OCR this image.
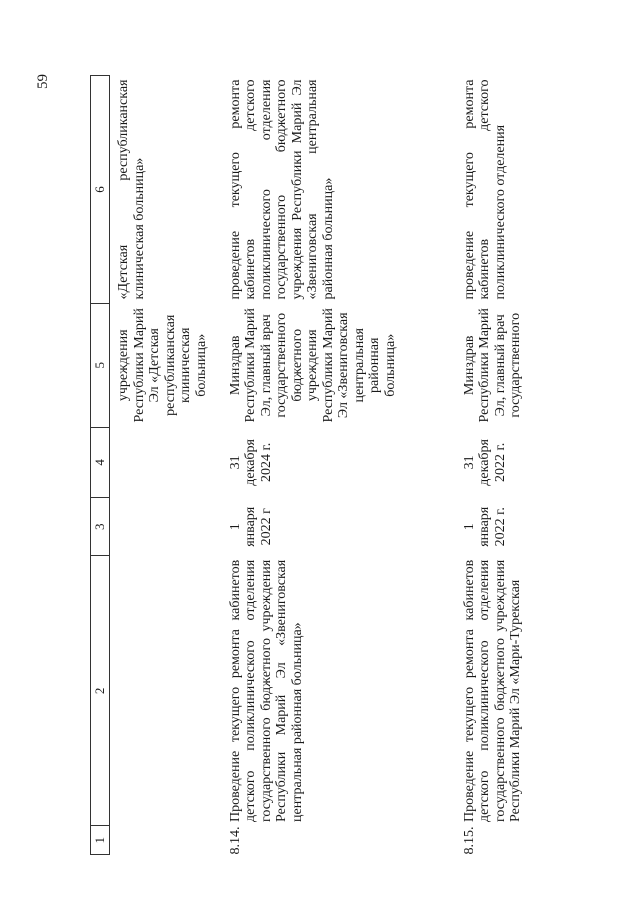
59
1	2	3	4	5	6
				учреждения Республики Марий Эл «Детская республиканская клиническая больница»	«Детская республиканская клиническая больница»
8.14.	Проведение текущего ремонта кабинетов детского поликлинического отделения государственного бюджетного учреждения Республики Марий Эл «Звениговская центральная районная больница»	1 января 2022 г	31 декабря 2024 г.	Минздрав Республики Марий Эл, главный врач государственного бюджетного учреждения Республики Марий Эл «Звениговская центральная районная больница»	проведение текущего ремонта кабинетов детского поликлинического отделения государственного бюджетного учреждения Республики Марий Эл «Звениговская центральная районная больница»
8.15.	Проведение текущего ремонта кабинетов детского поликлинического отделения государственного бюджетного учреждения Республики Марий Эл «Мари-Турекская	1 января 2022 г.	31 декабря 2022 г.	Минздрав Республики Марий Эл, главный врач государственного	проведение текущего ремонта кабинетов детского поликлинического отделения
